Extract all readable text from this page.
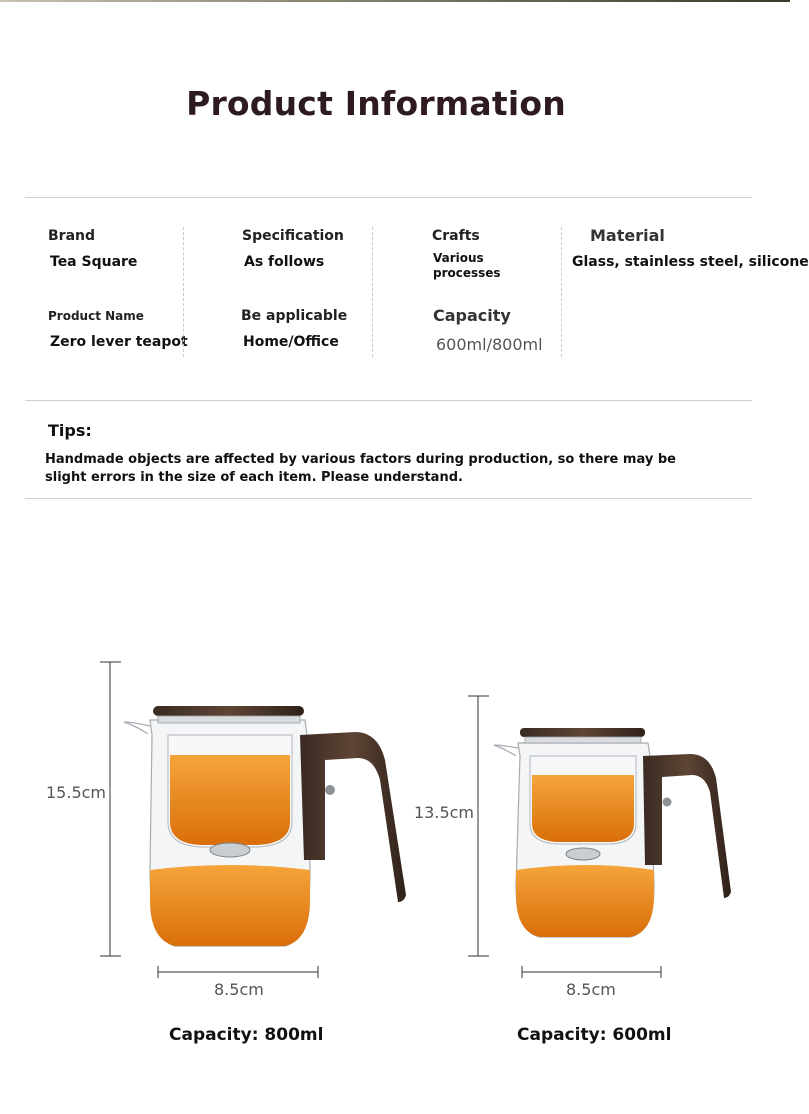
Product Information
Brand
Tea Square
Product Name
Zero lever teapot
Specification
As follows
Be applicable
Home/Office
Crafts
Various processes
Capacity
600ml/800ml
Material
Glass, stainless steel, silicone
Tips:
Handmade objects are affected by various factors during production, so there may be slight errors in the size of each item. Please understand.
15.5cm
8.5cm
13.5cm
8.5cm
Capacity: 800ml	Capacity: 600ml
